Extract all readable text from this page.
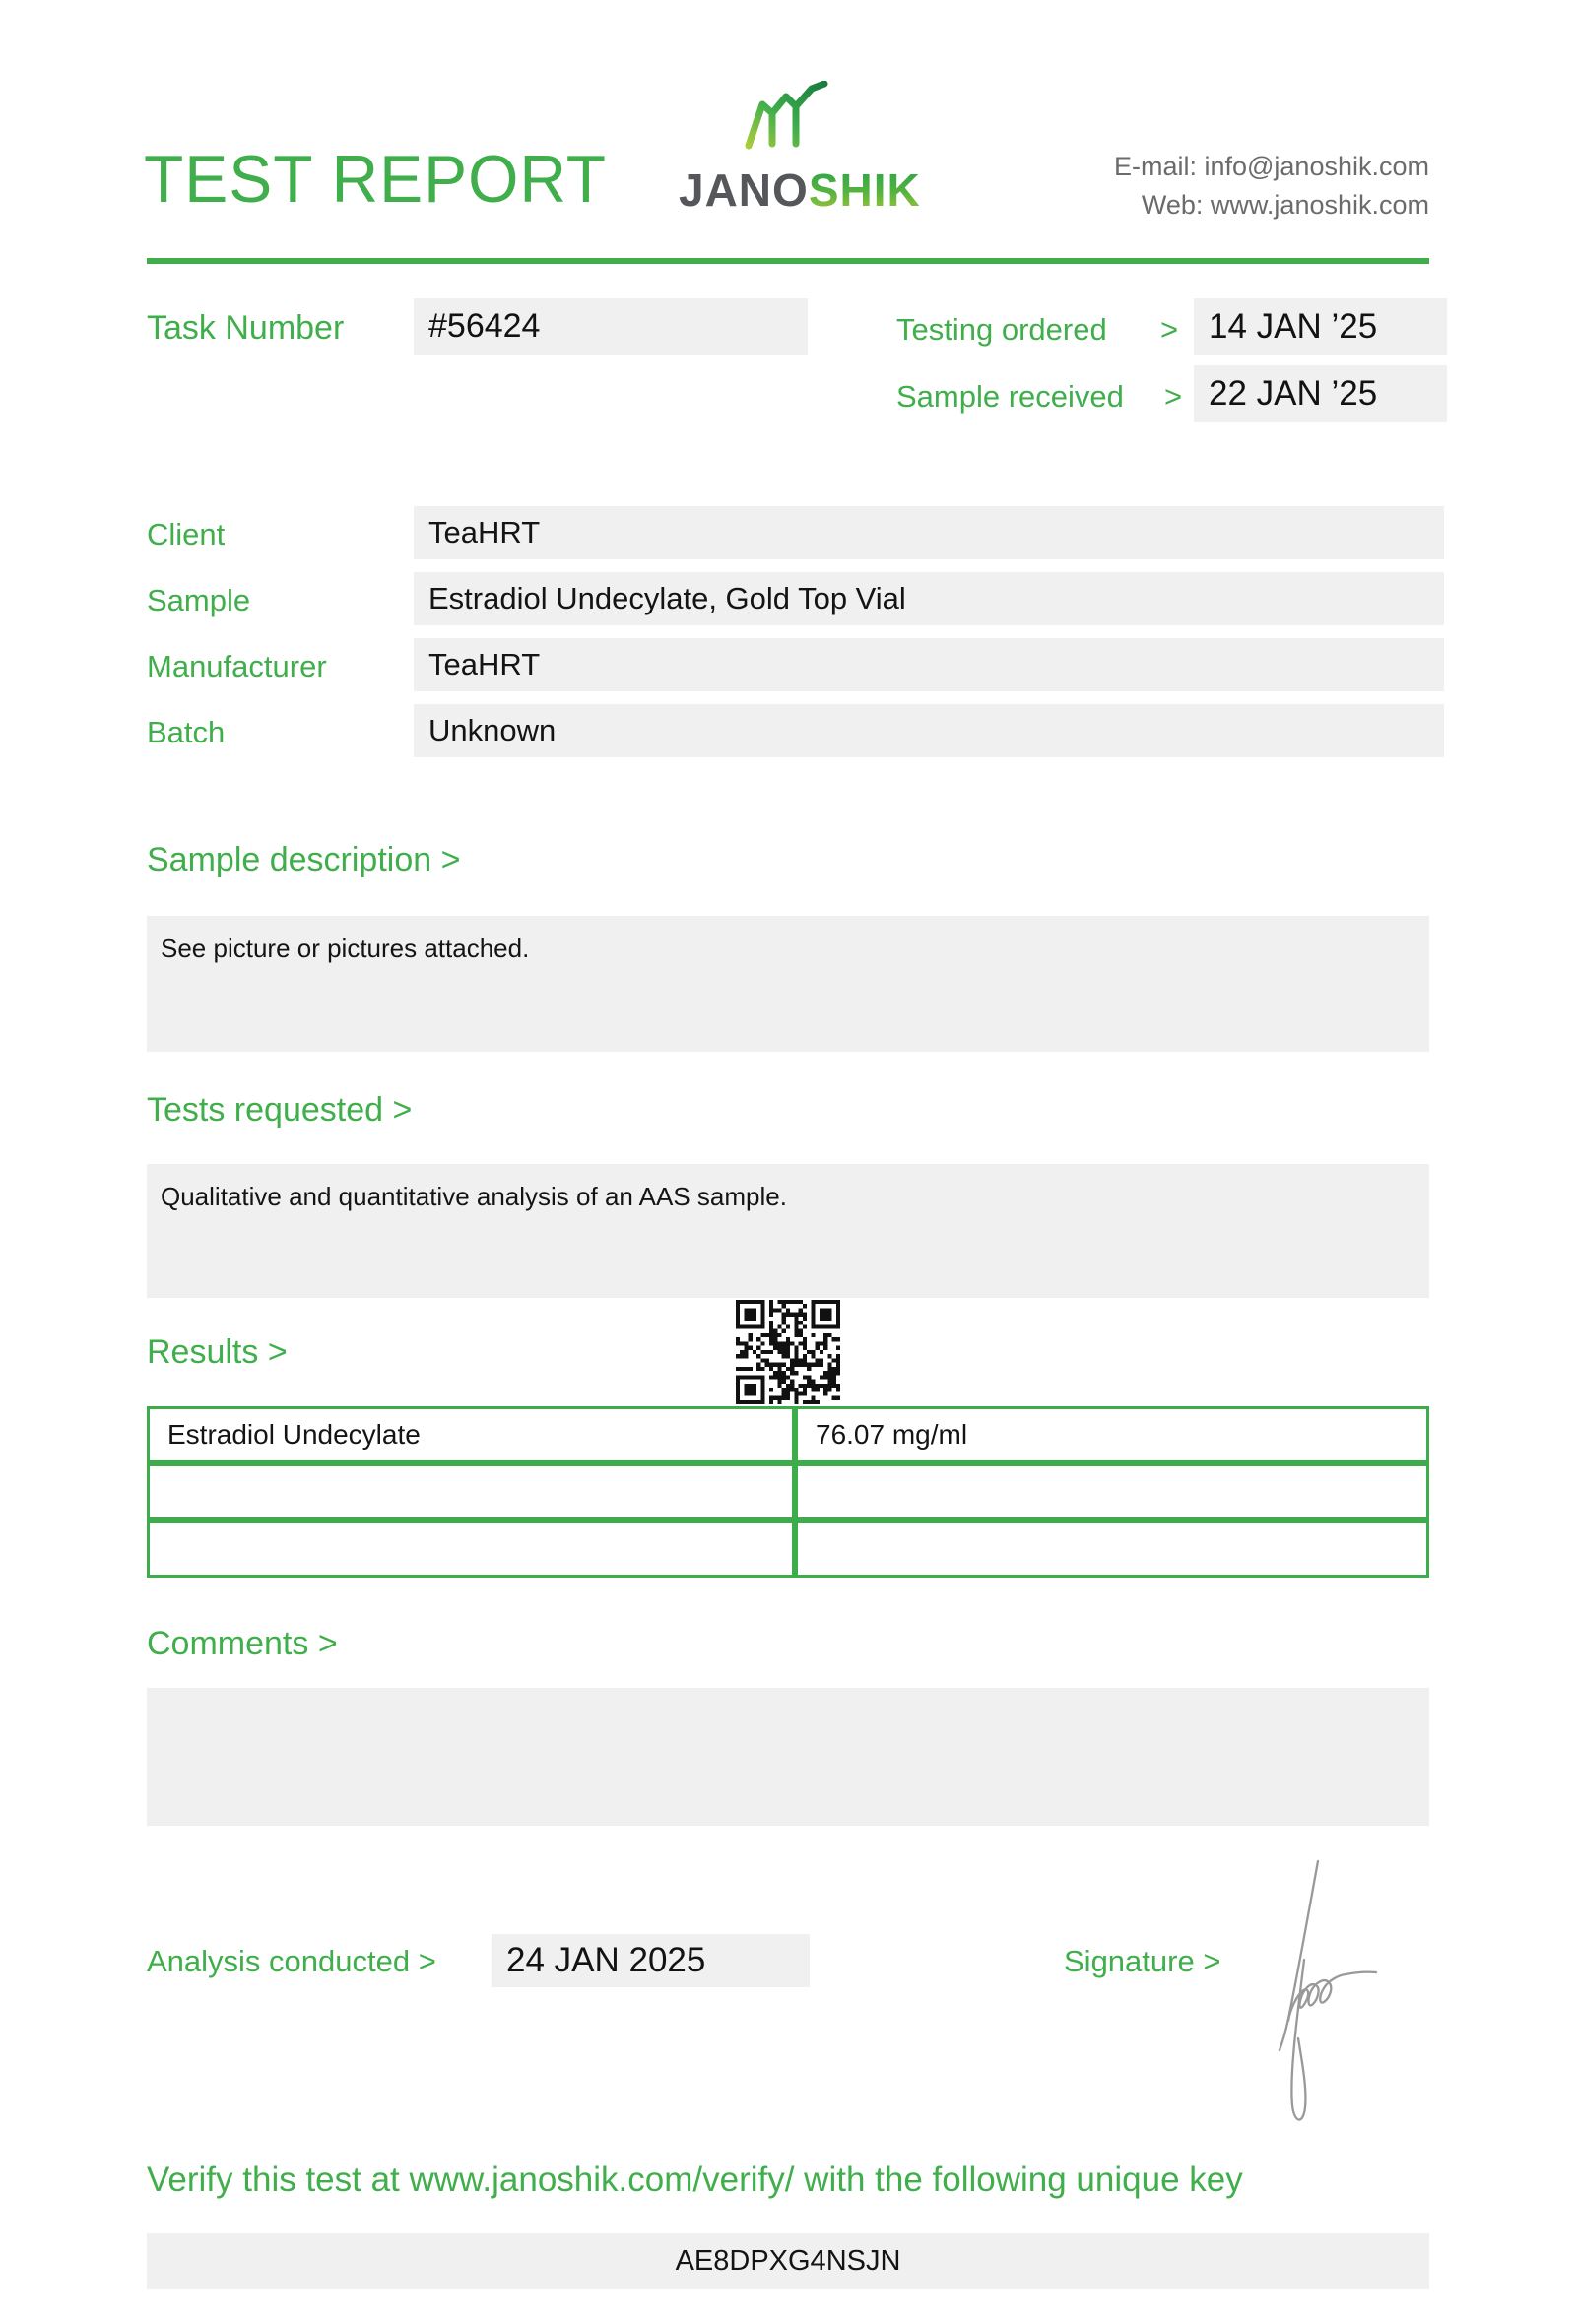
TEST REPORT JANOSHIK	E-mail: info@janoshik.com
Web: www.janoshik.com
Task Number	#56424	Testing ordered > 14 JAN ’25
Sample received > 22 JAN ’25
Client	TeaHRT
Sample	Estradiol Undecylate, Gold Top Vial
Manufacturer	TeaHRT
Batch	Unknown
Sample description >
See picture or pictures attached.
Tests requested >
Qualitative and quantitative analysis of an AAS sample.
Results >
Estradiol Undecylate	76.07 mg/ml
Comments >
Analysis conducted >	24 JAN 2025	Signature >
Verify this test at www.janoshik.com/verify/ with the following unique key
AE8DPXG4NSJN
